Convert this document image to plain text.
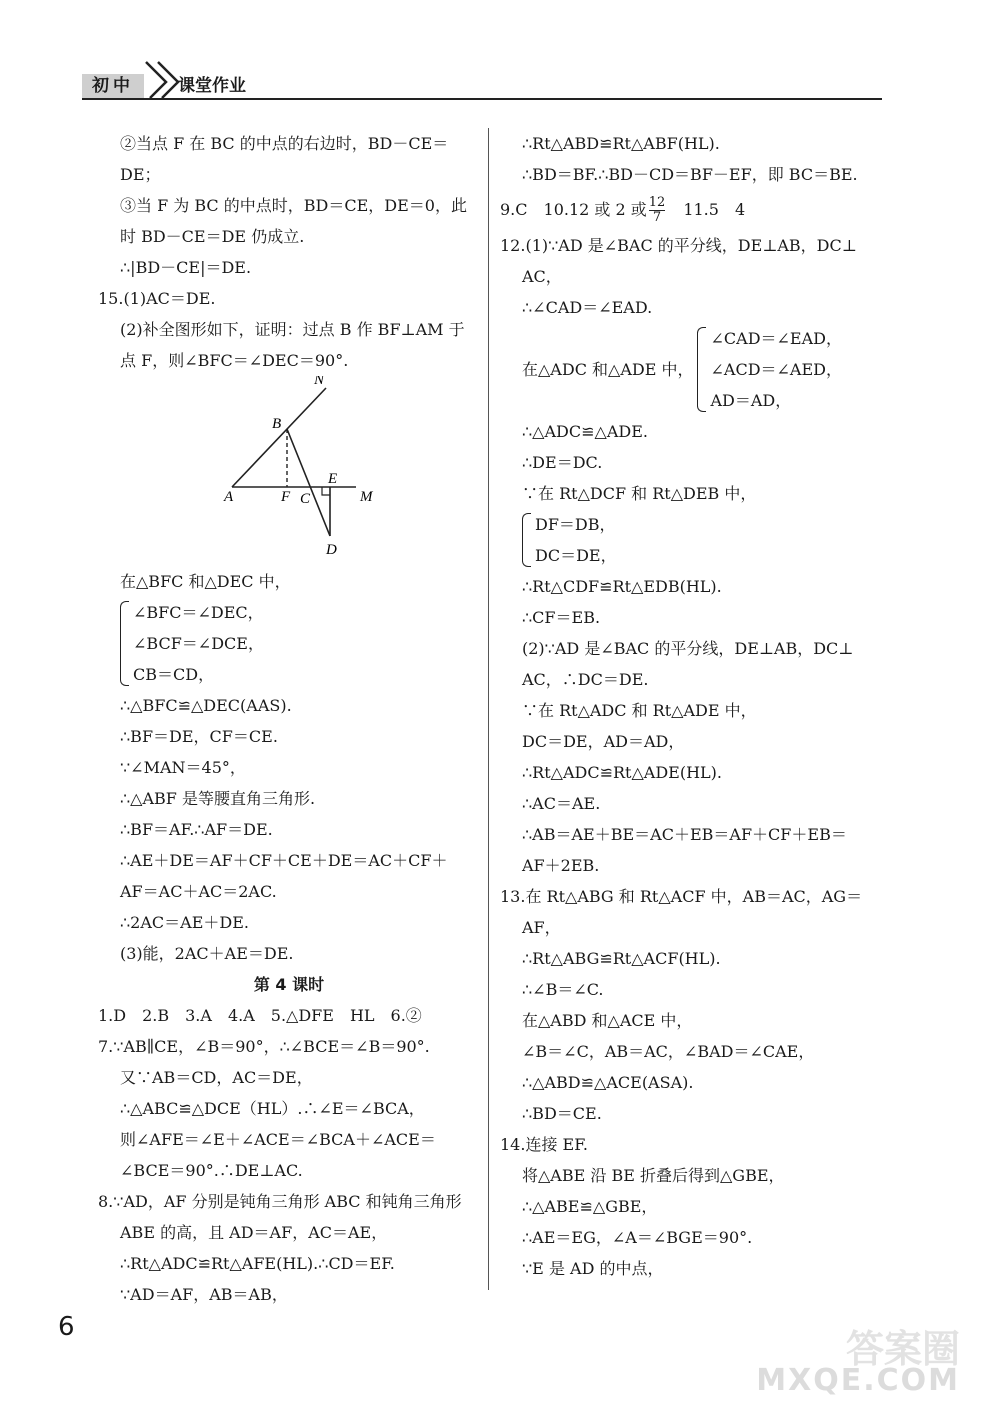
初中	课堂作业
②当点 F 在 BC 的中点的右边时，BD－CE＝
DE；
③当 F 为 BC 的中点时，BD＝CE，DE＝0，此
时 BD－CE＝DE 仍成立.
∴|BD－CE|＝DE.
15.(1)AC＝DE.
(2)补全图形如下，证明：过点 B 作 BF⊥AM 于
点 F，则∠BFC＝∠DEC＝90°.
N
B
A	F C
E
M
D
在△BFC 和△DEC 中，
∠BFC＝∠DEC，
∠BCF＝∠DCE，
CB＝CD，
∴△BFC≌△DEC(AAS).
∴BF＝DE，CF＝CE.
∵∠MAN＝45°，
∴△ABF 是等腰直角三角形.
∴BF＝AF.∴AF＝DE.
∴AE＋DE＝AF＋CF＋CE＋DE＝AC＋CF＋
AF＝AC＋AC＝2AC.
∴2AC＝AE＋DE.
(3)能，2AC＋AE＝DE.
第 4 课时
1.D　2.B　3.A　4.A　5.△DFE　HL　6.②
7.∵AB∥CE，∠B＝90°，∴∠BCE＝∠B＝90°.
又∵AB＝CD，AC＝DE，
∴△ABC≌△DCE（HL）.∴∠E＝∠BCA，
则∠AFE＝∠E＋∠ACE＝∠BCA＋∠ACE＝
∠BCE＝90°.∴DE⊥AC.
8.∵AD，AF 分别是钝角三角形 ABC 和钝角三角形
ABE 的高，且 AD＝AF，AC＝AE，
∴Rt△ADC≌Rt△AFE(HL).∴CD＝EF.
∵AD＝AF，AB＝AB，
∴Rt△ABD≌Rt△ABF(HL).
∴BD＝BF.∴BD－CD＝BF－EF，即 BC＝BE.
9.C　10.12 或 2 或 $\frac{12}{7}$ 　11.5　4
12.(1)∵AD 是∠BAC 的平分线，DE⊥AB，DC⊥
AC，
∴∠CAD＝∠EAD.
在△ADC 和△ADE 中，
∠CAD＝∠EAD，
∠ACD＝∠AED，
AD＝AD，
∴△ADC≌△ADE.
∴DE＝DC.
∵在 Rt△DCF 和 Rt△DEB 中，
DF＝DB，
DC＝DE，
∴Rt△CDF≌Rt△EDB(HL).
∴CF＝EB.
(2)∵AD 是∠BAC 的平分线，DE⊥AB，DC⊥
AC，∴DC＝DE.
∵在 Rt△ADC 和 Rt△ADE 中，
DC＝DE，AD＝AD，
∴Rt△ADC≌Rt△ADE(HL).
∴AC＝AE.
∴AB＝AE＋BE＝AC＋EB＝AF＋CF＋EB＝
AF＋2EB.
13.在 Rt△ABG 和 Rt△ACF 中，AB＝AC，AG＝
AF，
∴Rt△ABG≌Rt△ACF(HL).
∴∠B＝∠C.
在△ABD 和△ACE 中，
∠B＝∠C，AB＝AC，∠BAD＝∠CAE，
∴△ABD≌△ACE(ASA).
∴BD＝CE.
14.连接 EF.
将△ABE 沿 BE 折叠后得到△GBE，
∴△ABE≌△GBE，
∴AE＝EG，∠A＝∠BGE＝90°.
∵E 是 AD 的中点，
6	答案圈
MXQE.COM
